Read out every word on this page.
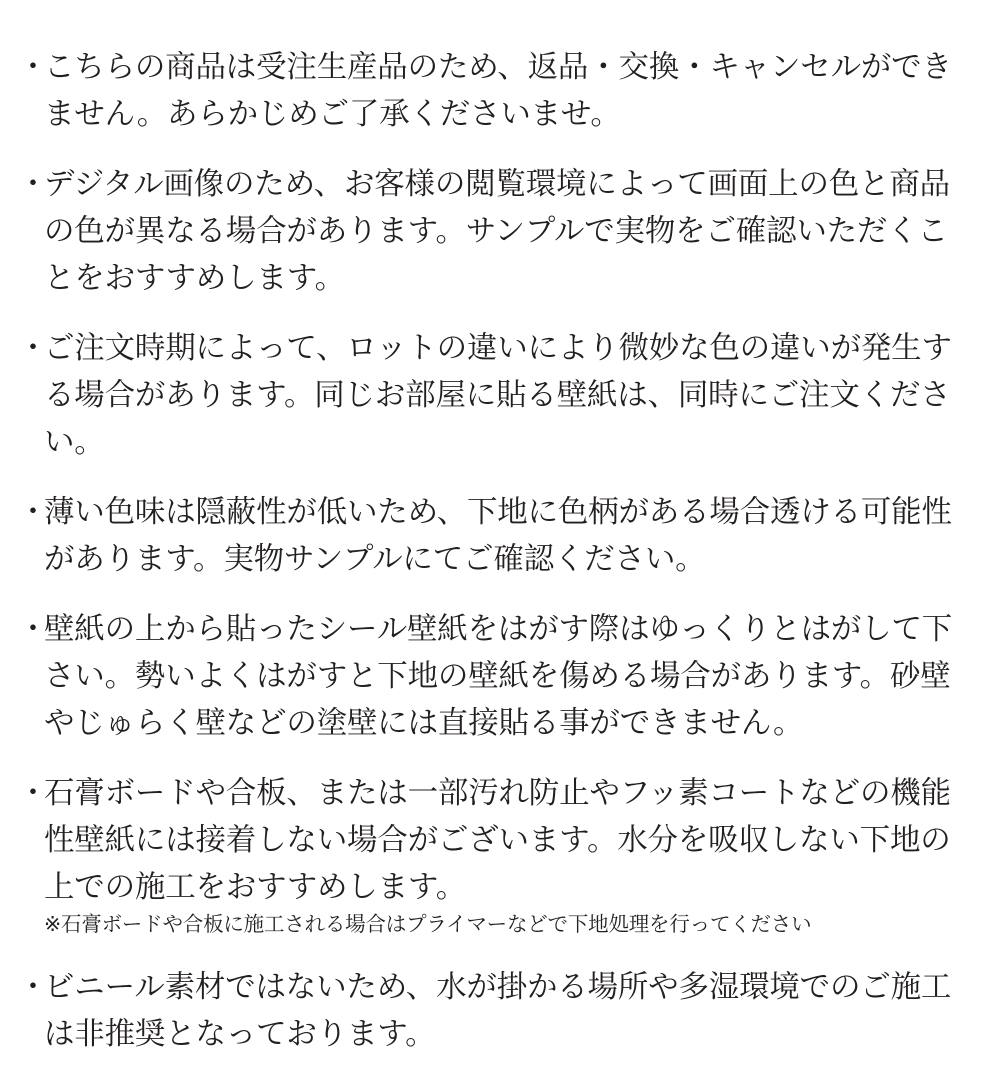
・
こちらの商品は受注生産品のため、返品・交換・キャンセルができません。あらかじめご了承くださいませ。
・
デジタル画像のため、お客様の閲覧環境によって画面上の色と商品の色が異なる場合があります。サンプルで実物をご確認いただくことをおすすめします。
・
ご注文時期によって、ロットの違いにより微妙な色の違いが発生する場合があります。同じお部屋に貼る壁紙は、同時にご注文ください。
・
薄い色味は隠蔽性が低いため、下地に色柄がある場合透ける可能性があります。実物サンプルにてご確認ください。
・
壁紙の上から貼ったシール壁紙をはがす際はゆっくりとはがして下さい。勢いよくはがすと下地の壁紙を傷める場合があります。砂壁やじゅらく壁などの塗壁には直接貼る事ができません。
・
石膏ボードや合板、または一部汚れ防止やフッ素コートなどの機能性壁紙には接着しない場合がございます。水分を吸収しない下地の上での施工をおすすめします。
※石膏ボードや合板に施工される場合はプライマーなどで下地処理を行ってください
・
ビニール素材ではないため、水が掛かる場所や多湿環境でのご施工は非推奨となっております。
